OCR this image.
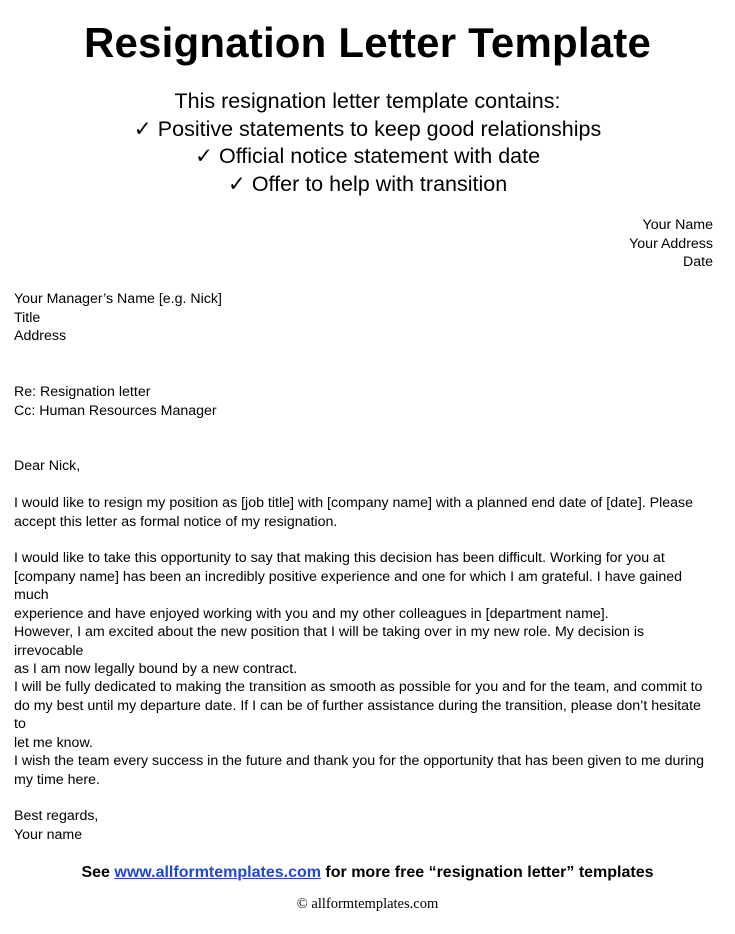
Resignation Letter Template
This resignation letter template contains:
✓ Positive statements to keep good relationships
✓ Official notice statement with date
✓ Offer to help with transition
Your Name
Your Address
Date
Your Manager’s Name [e.g. Nick]
Title
Address
Re: Resignation letter
Cc: Human Resources Manager
Dear Nick,
I would like to resign my position as [job title] with [company name] with a planned end date of [date]. Please
accept this letter as formal notice of my resignation.
I would like to take this opportunity to say that making this decision has been difficult. Working for you at
[company name] has been an incredibly positive experience and one for which I am grateful. I have gained much
experience and have enjoyed working with you and my other colleagues in [department name].
However, I am excited about the new position that I will be taking over in my new role. My decision is irrevocable
as I am now legally bound by a new contract.
I will be fully dedicated to making the transition as smooth as possible for you and for the team, and commit to
do my best until my departure date. If I can be of further assistance during the transition, please don’t hesitate to
let me know.
I wish the team every success in the future and thank you for the opportunity that has been given to me during
my time here.
Best regards,
Your name
See www.allformtemplates.com for more free “resignation letter” templates
© allformtemplates.com
